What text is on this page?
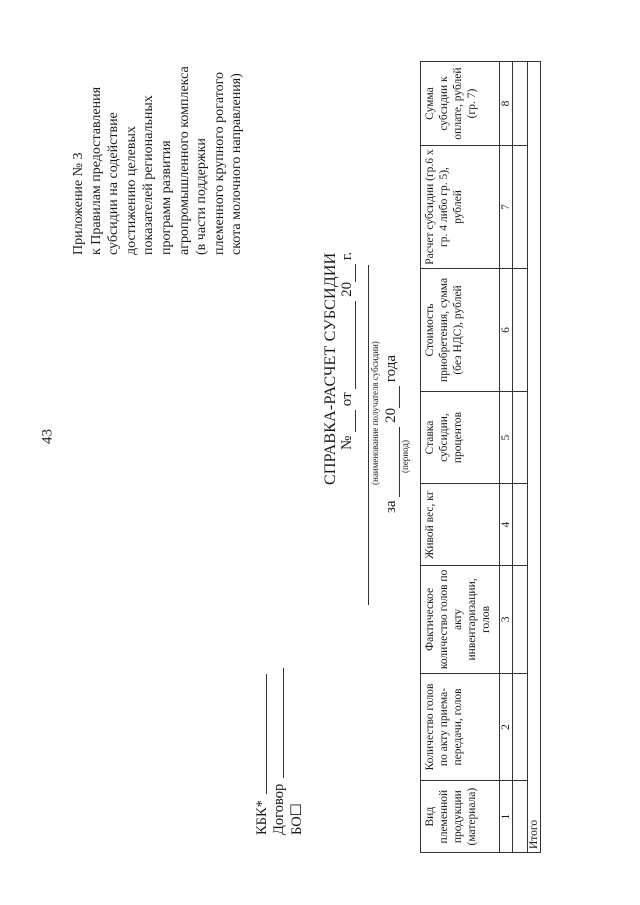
43
Приложение № 3 к Правилам предоставления субсидии на содействие достижению целевых показателей региональных программ развития агропромышленного комплекса (в части поддержки племенного крупного рогатого скота молочного направления)
КБК* Договор БО☐
СПРАВКА-РАСЧЕТ СУБСИДИИ №   от   20  г.
(наименование получателя субсидии)
за   20  года
(период)
Вид племенной продукции (материала)	Количество голов по акту приема-передачи, голов	Фактическое количество голов по акту инвентаризации, голов	Живой вес, кг	Ставка субсидии, процентов	Стоимость приобретения, сумма (без НДС), рублей	Расчет субсидии (гр.6 х гр. 4 либо гр. 5), рублей	Сумма субсидии к оплате, рублей (гр. 7)
1	2	3	4	5	6	7	8

Итого							
